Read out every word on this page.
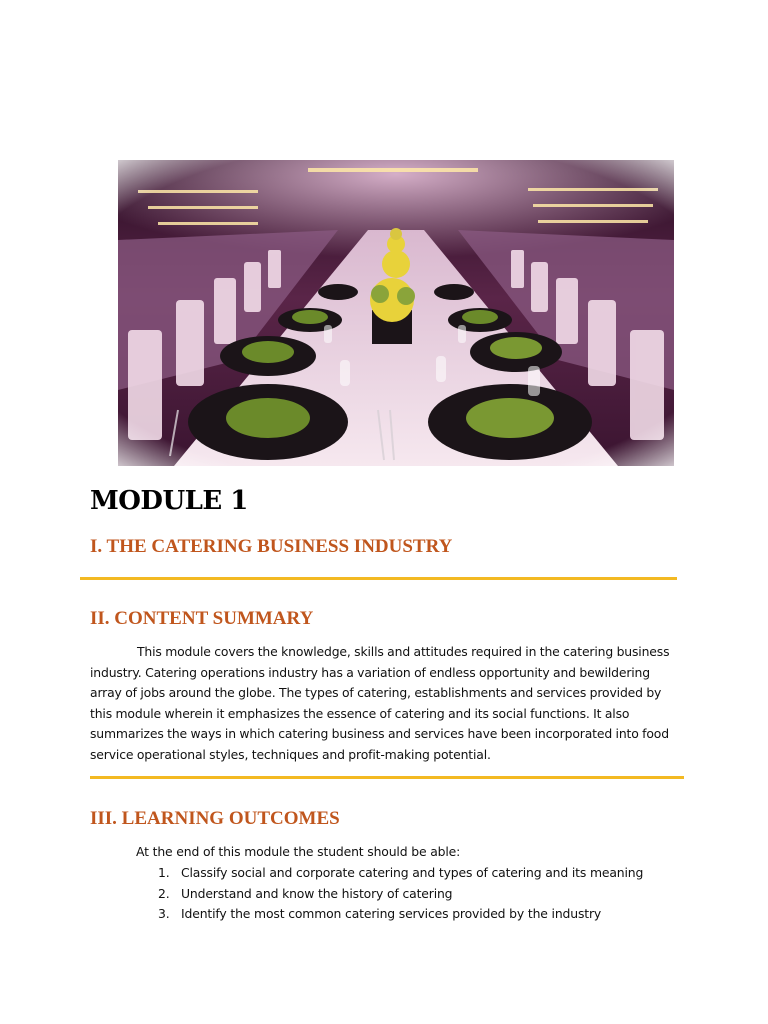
MODULE 1
I. THE CATERING BUSINESS INDUSTRY
II. CONTENT SUMMARY

This module covers the knowledge, skills and attitudes required in the catering business industry. Catering operations industry has a variation of endless opportunity and bewildering array of jobs around the globe. The types of catering, establishments and services provided by this module wherein it emphasizes the essence of catering and its social functions. It also summarizes the ways in which catering business and services have been incorporated into food service operational styles, techniques and profit-making potential.

III. LEARNING OUTCOMES

At the end of this module the student should be able:

1. Classify social and corporate catering and types of catering and its meaning
2. Understand and know the history of catering
3. Identify the most common catering services provided by the industry
